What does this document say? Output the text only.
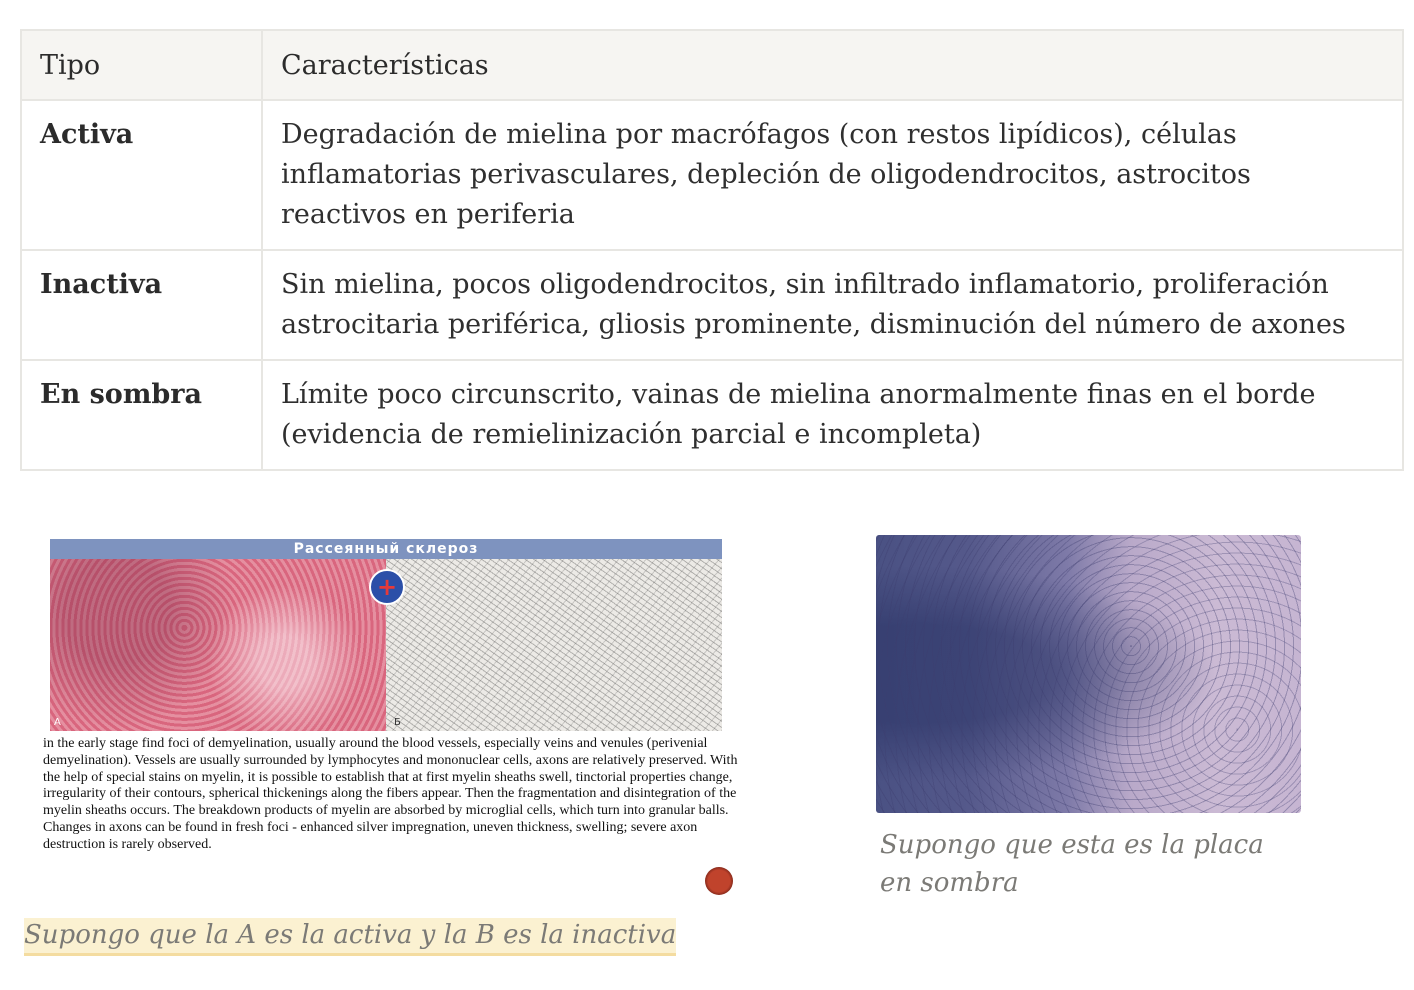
Tipo	Características
Activa	Degradación de mielina por macrófagos (con restos lipídicos), células inflamatorias perivasculares, depleción de oligodendrocitos, astrocitos reactivos en periferia
Inactiva	Sin mielina, pocos oligodendrocitos, sin infiltrado inflamatorio, proliferación astrocitaria periférica, gliosis prominente, disminución del número de axones
En sombra	Límite poco circunscrito, vainas de mielina anormalmente finas en el borde (evidencia de remielinización parcial e incompleta)
Рассеянный склероз
A	Б
+
in the early stage find foci of demyelination, usually around the blood vessels, especially veins and venules (perivenial demyelination). Vessels are usually surrounded by lymphocytes and mononuclear cells, axons are relatively preserved. With the help of special stains on myelin, it is possible to establish that at first myelin sheaths swell, tinctorial properties change, irregularity of their contours, spherical thickenings along the fibers appear. Then the fragmentation and disintegration of the myelin sheaths occurs. The breakdown products of myelin are absorbed by microglial cells, which turn into granular balls. Changes in axons can be found in fresh foci - enhanced silver impregnation, uneven thickness, swelling; severe axon destruction is rarely observed.
Supongo que la A es la activa y la B es la inactiva
Supongo que esta es la placa en sombra
